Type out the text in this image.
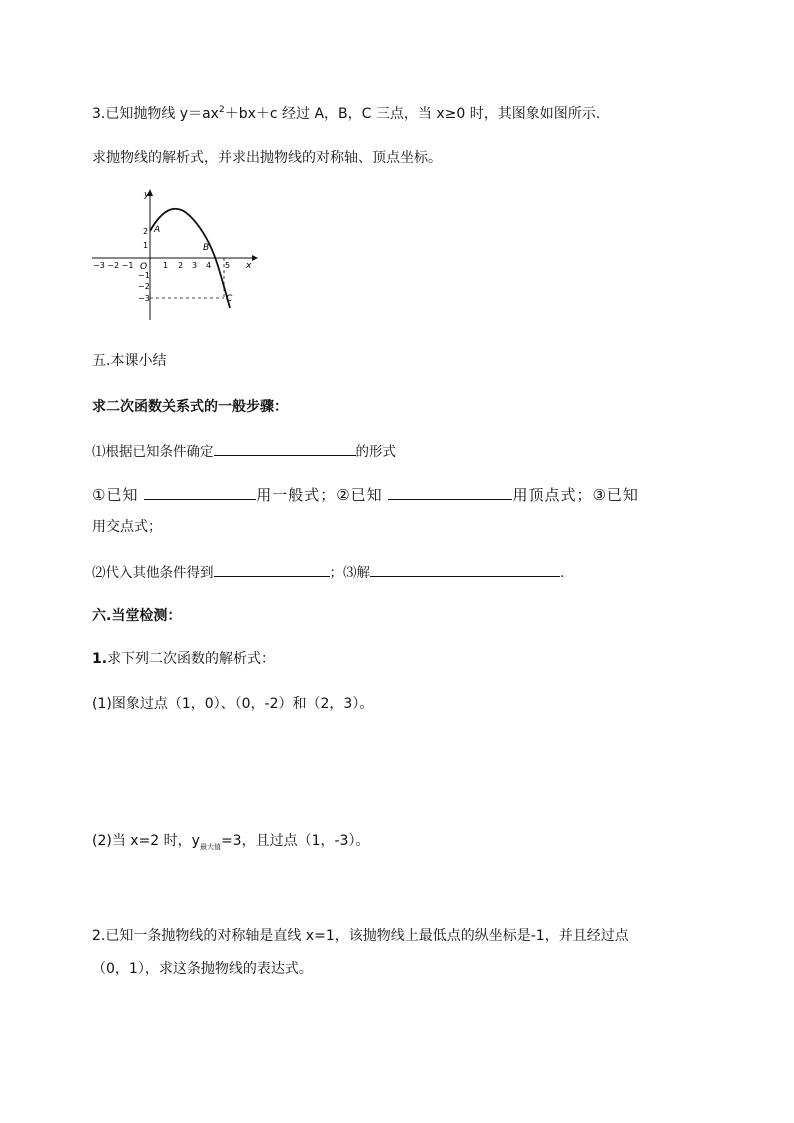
3.已知抛物线 $y=ax^2+bx+c$ 经过 A，B，C 三点，当 x≥0 时，其图象如图所示.
求抛物线的解析式，并求出抛物线的对称轴、顶点坐标。
y
x
O
−3 −2 −1	1 2 3 4 5
2
1
−1
−2
−3
A
B
C
五.本课小结
求二次函数关系式的一般步骤：
⑴根据已知条件确定	的形式
①已知	用一般式；②已知	用顶点式；③已知
用交点式；
⑵代入其他条件得到	；⑶解	.
六.当堂检测：
1.求下列二次函数的解析式：
(1)图象过点（1，0）、（0，-2）和（2，3）。
(2)当 x=2 时，$y_{最大值}=3$，且过点（1，-3）。
2.已知一条抛物线的对称轴是直线 x=1，该抛物线上最低点的纵坐标是-1，并且经过点
（0，1），求这条抛物线的表达式。
